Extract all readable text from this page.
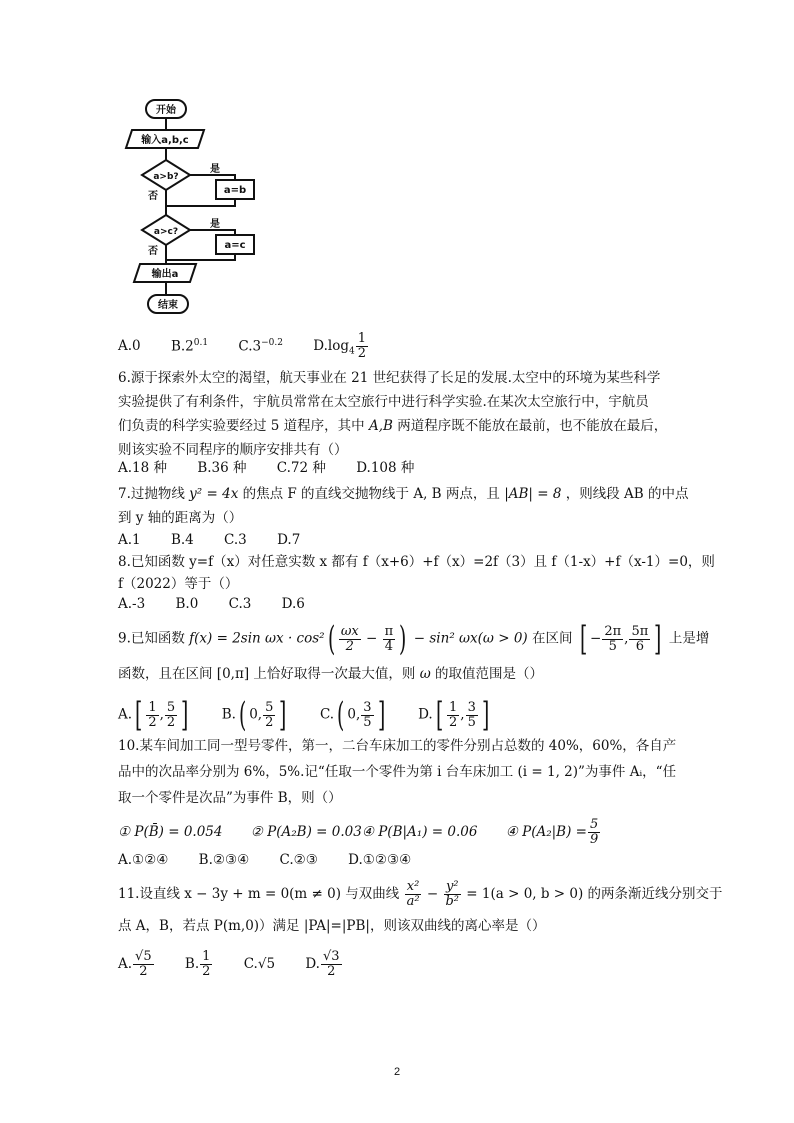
开始
输入a,b,c
a>b?
是
a=b
否
a>c?
是
a=c
否
输出a
结束
A.0 $B.2^{0.1}$ $C.3^{-0.2}$ $D.\log_4 \frac{1}{2}$
6.源于探索外太空的渴望，航天事业在 21 世纪获得了长足的发展.太空中的环境为某些科学
实验提供了有利条件，宇航员常常在太空旅行中进行科学实验.在某次太空旅行中，宇航员
们负责的科学实验要经过 5 道程序，其中 A,B 两道程序既不能放在最前，也不能放在最后，
则该实验不同程序的顺序安排共有（）
A.18 种 B.36 种 C.72 种 D.108 种
7.过抛物线 y² = 4x 的焦点 F 的直线交抛物线于 A, B 两点，且 |AB| = 8 ，则线段 AB 的中点
到 y 轴的距离为（）
A.1 B.4 C.3 D.7
8.已知函数 y=f（x）对任意实数 x 都有 f（x+6）+f（x）=2f（3）且 f（1-x）+f（x-1）=0，则
f（2022）等于（）
A.-3 B.0 C.3 D.6
9.已知函数 f(x) = 2sin $\omega x \cdot \cos^2( \frac{\omega x}{2} - \frac{\pi}{4}$ ) − sin² ωx(ω > 0) 在区间 [ − $\frac{2\pi}{5}$ , $\frac{5\pi}{6}$ ] 上是增
函数，且在区间 [0,π] 上恰好取得一次最大值，则 ω 的取值范围是（）
$A.[ \frac{1}{2}$ , $\frac{5}{2}$ ] B.( 0, $\frac{5}{2}$ ] C.( 0, $\frac{3}{5}$ ] $D.[ \frac{1}{2}$ , $\frac{3}{5}$ ]
10.某车间加工同一型号零件，第一，二台车床加工的零件分别占总数的 40%，60%，各自产
品中的次品率分别为 6%，5%.记“任取一个零件为第 i 台车床加工 (i = 1, 2)”为事件 Aᵢ，“任
取一个零件是次品”为事件 B，则（）
① P(B̄) = 0.054 ② P(A₂B) = 0.03④ P(B|A₁) = 0.06 ④ $P(A_2|B) = \frac{5}{9}$
A.①②④ B.②③④ C.②③ D.①②③④
11.设直线 x − 3y + m = 0(m ≠ 0) 与双曲线 $\frac{\text{x²}}{\text{a²}} - \frac{\text{y²}}{\text{b²}} = 1(a > 0$, b > 0) 的两条渐近线分别交于
点 A，B，若点 P(m,0)）满足 |PA|=|PB|，则该双曲线的离心率是（）
A. $\frac{√5}{2} B$. $\frac{1}{2} C.√5$ D. $\frac{√3}{2}$
2
